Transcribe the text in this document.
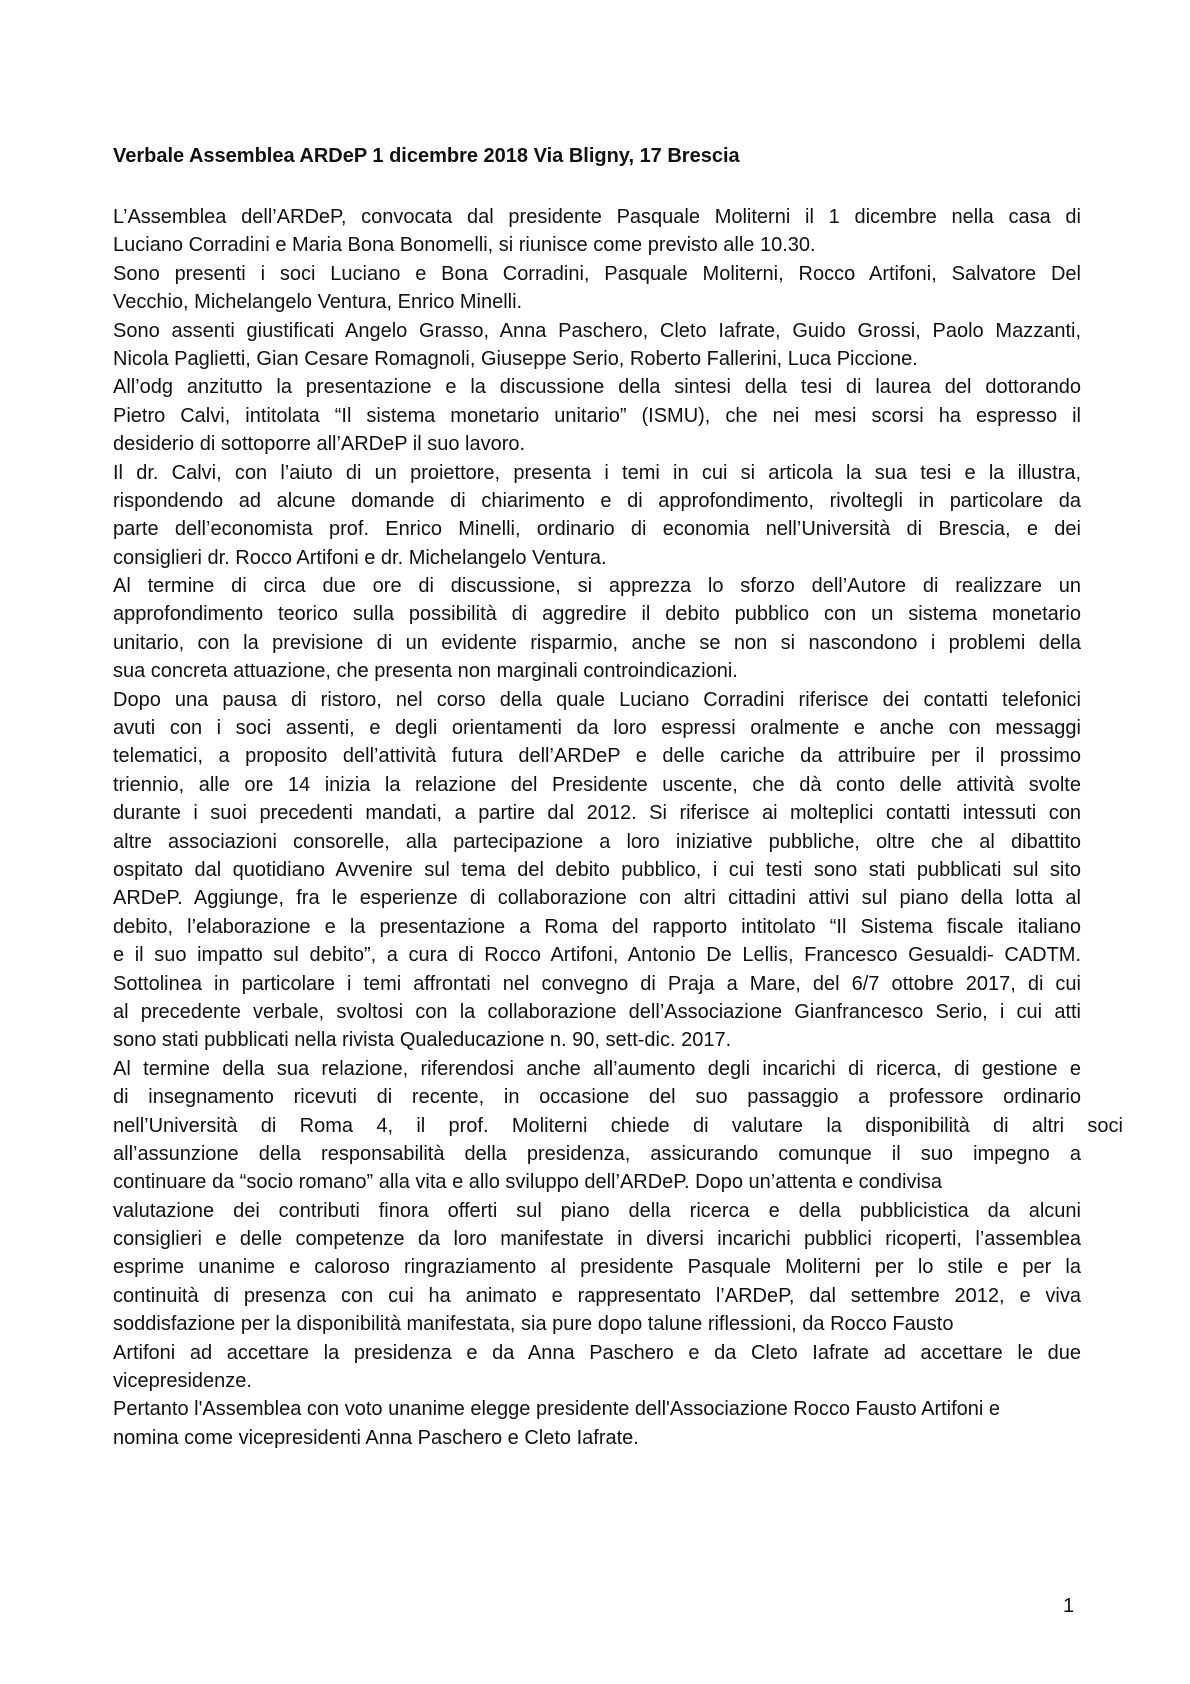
Verbale Assemblea ARDeP 1 dicembre 2018 Via Bligny, 17 Brescia
L’Assemblea dell’ARDeP, convocata dal presidente Pasquale Moliterni il 1 dicembre nella casa di
Luciano Corradini e Maria Bona Bonomelli, si riunisce come previsto alle 10.30.
Sono presenti i soci Luciano e Bona Corradini, Pasquale Moliterni, Rocco Artifoni, Salvatore Del
Vecchio, Michelangelo Ventura, Enrico Minelli.
Sono assenti giustificati Angelo Grasso, Anna Paschero, Cleto Iafrate, Guido Grossi, Paolo Mazzanti,
Nicola Paglietti, Gian Cesare Romagnoli, Giuseppe Serio, Roberto Fallerini, Luca Piccione.
All’odg anzitutto la presentazione e la discussione della sintesi della tesi di laurea del dottorando
Pietro Calvi, intitolata “Il sistema monetario unitario” (ISMU), che nei mesi scorsi ha espresso il
desiderio di sottoporre all’ARDeP il suo lavoro.
Il dr. Calvi, con l’aiuto di un proiettore, presenta i temi in cui si articola la sua tesi e la illustra,
rispondendo ad alcune domande di chiarimento e di approfondimento, rivoltegli in particolare da
parte dell’economista prof. Enrico Minelli, ordinario di economia nell’Università di Brescia, e dei
consiglieri dr. Rocco Artifoni e dr. Michelangelo Ventura.
Al termine di circa due ore di discussione, si apprezza lo sforzo dell’Autore di realizzare un
approfondimento teorico sulla possibilità di aggredire il debito pubblico con un sistema monetario
unitario, con la previsione di un evidente risparmio, anche se non si nascondono i problemi della
sua concreta attuazione, che presenta non marginali controindicazioni.
Dopo una pausa di ristoro, nel corso della quale Luciano Corradini riferisce dei contatti telefonici
avuti con i soci assenti, e degli orientamenti da loro espressi oralmente e anche con messaggi
telematici, a proposito dell’attività futura dell’ARDeP e delle cariche da attribuire per il prossimo
triennio, alle ore 14 inizia la relazione del Presidente uscente, che dà conto delle attività svolte
durante i suoi precedenti mandati, a partire dal 2012. Si riferisce ai molteplici contatti intessuti con
altre associazioni consorelle, alla partecipazione a loro iniziative pubbliche, oltre che al dibattito
ospitato dal quotidiano Avvenire sul tema del debito pubblico, i cui testi sono stati pubblicati sul sito
ARDeP. Aggiunge, fra le esperienze di collaborazione con altri cittadini attivi sul piano della lotta al
debito, l’elaborazione e la presentazione a Roma del rapporto intitolato “Il Sistema fiscale italiano
e il suo impatto sul debito”, a cura di Rocco Artifoni, Antonio De Lellis, Francesco Gesualdi- CADTM.
Sottolinea in particolare i temi affrontati nel convegno di Praja a Mare, del 6/7 ottobre 2017, di cui
al precedente verbale, svoltosi con la collaborazione dell’Associazione Gianfrancesco Serio, i cui atti
sono stati pubblicati nella rivista Qualeducazione n. 90, sett-dic. 2017.
Al termine della sua relazione, riferendosi anche all’aumento degli incarichi di ricerca, di gestione e
di insegnamento ricevuti di recente, in occasione del suo passaggio a professore ordinario
nell’Università di Roma 4, il prof. Moliterni chiede di valutare la disponibilità di altri soci
all’assunzione della responsabilità della presidenza, assicurando comunque il suo impegno a
continuare da “socio romano” alla vita e allo sviluppo dell’ARDeP. Dopo un’attenta e condivisa
valutazione dei contributi finora offerti sul piano della ricerca e della pubblicistica da alcuni
consiglieri e delle competenze da loro manifestate in diversi incarichi pubblici ricoperti, l’assemblea
esprime unanime e caloroso ringraziamento al presidente Pasquale Moliterni per lo stile e per la
continuità di presenza con cui ha animato e rappresentato l’ARDeP, dal settembre 2012, e viva
soddisfazione per la disponibilità manifestata, sia pure dopo talune riflessioni, da Rocco Fausto
Artifoni ad accettare la presidenza e da Anna Paschero e da Cleto Iafrate ad accettare le due
vicepresidenze.
Pertanto l'Assemblea con voto unanime elegge presidente dell'Associazione Rocco Fausto Artifoni e
nomina come vicepresidenti Anna Paschero e Cleto Iafrate.
1
